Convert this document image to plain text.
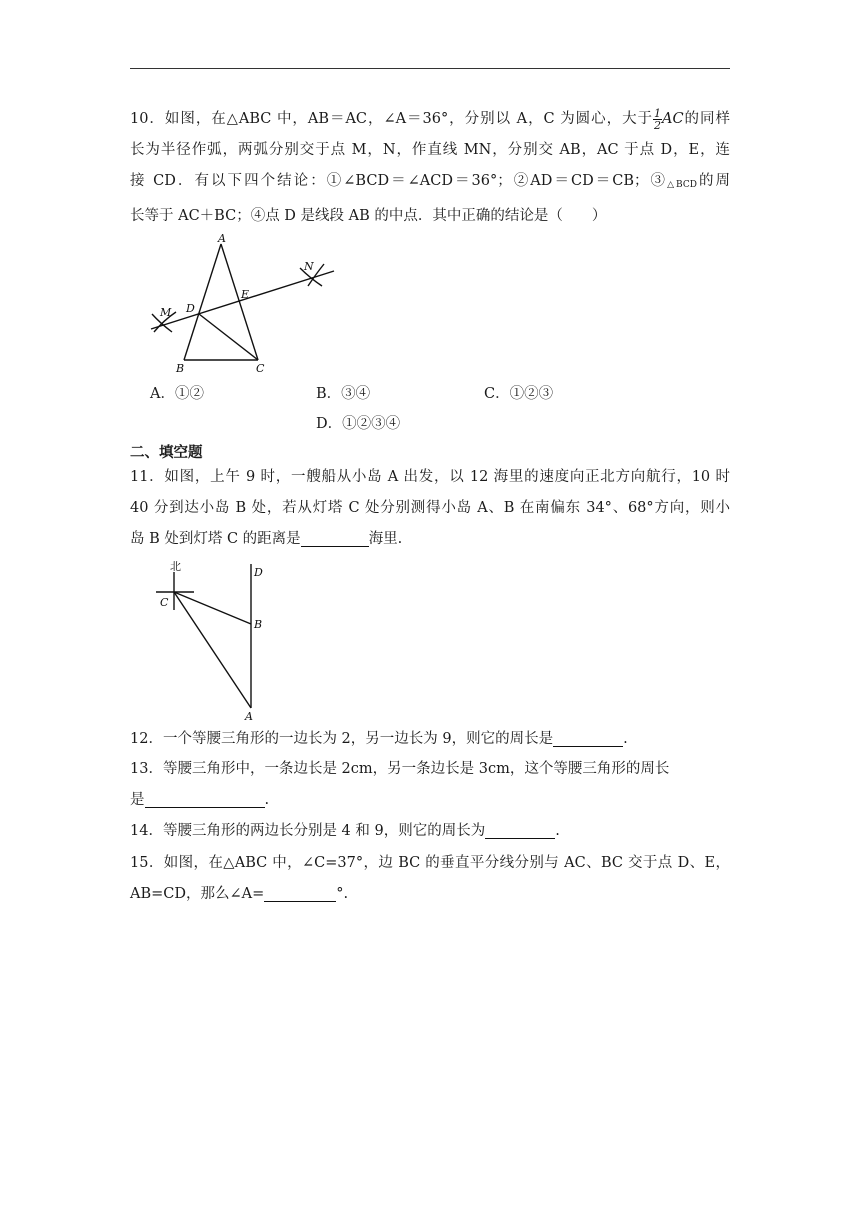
10．如图，在△ABC 中，AB＝AC，∠A＝36°，分别以 A，C 为圆心，大于 $\frac{1}{2}$ AC的同样
长为半径作弧，两弧分别交于点 M，N，作直线 MN，分别交 AB，AC 于点 D，E，连
接 CD．有以下四个结论：①∠BCD＝∠ACD＝36°；②AD＝CD＝CB；$③_{\triangle BCD}$的周
长等于 AC＋BC；④点 D 是线段 AB 的中点．其中正确的结论是（　　）
A
B	C
D
E
M
N
A．①②	B．③④	C．①②③
D．①②③④
二、填空题
11．如图，上午 9 时，一艘船从小岛 A 出发，以 12 海里的速度向正北方向航行，10 时
40 分到达小岛 B 处，若从灯塔 C 处分别测得小岛 A、B 在南偏东 34°、68°方向，则小
岛 B 处到灯塔 C 的距离是	海里.
北
C
D
B
A
12．一个等腰三角形的一边长为 2，另一边长为 9，则它的周长是	.
13．等腰三角形中，一条边长是 2cm，另一条边长是 3cm，这个等腰三角形的周长
是	.
14．等腰三角形的两边长分别是 4 和 9，则它的周长为	.
15．如图，在△ABC 中，∠C=37°，边 BC 的垂直平分线分别与 AC、BC 交于点 D、E，
AB=CD，那么∠A=	°.
